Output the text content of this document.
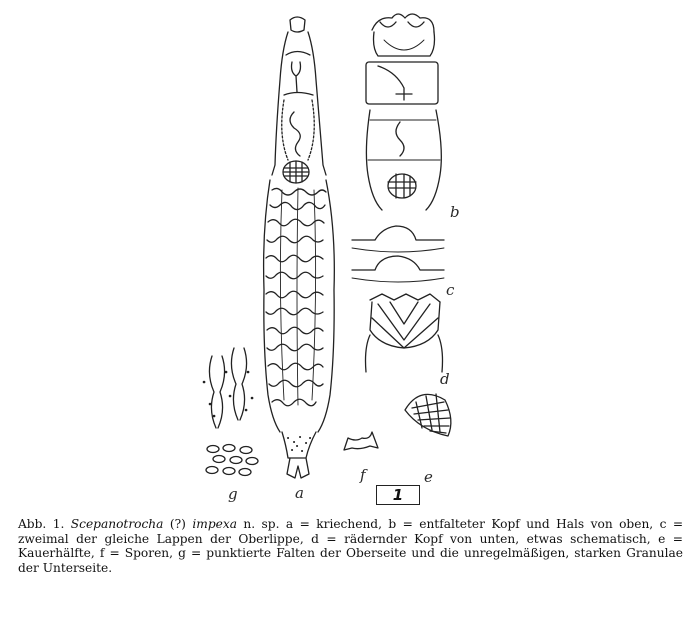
a
b
c
d
e
f
g	1
Abb. 1. Scepanotrocha (?) impexa n. sp. a = kriechend, b = entfalteter Kopf und Hals von oben, c = zweimal der gleiche Lappen der Oberlippe, d = rädernder Kopf von unten, etwas schematisch, e = Kauerhälfte, f = Sporen, g = punktierte Falten der Oberseite und die unregelmäßigen, starken Granulae der Unterseite.
